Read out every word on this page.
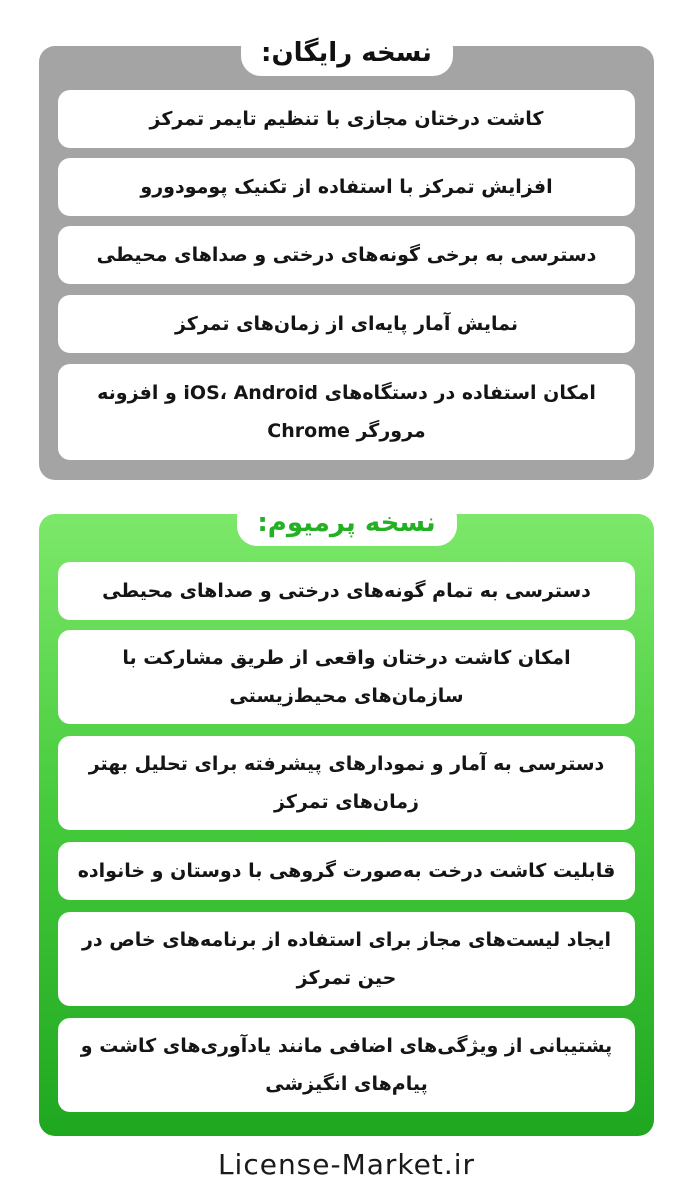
نسخه رایگان:
کاشت درختان مجازی با تنظیم تایمر تمرکز
افزایش تمرکز با استفاده از تکنیک پومودورو
دسترسی به برخی گونه‌های درختی و صداهای محیطی
نمایش آمار پایه‌ای از زمان‌های تمرکز
امکان استفاده در دستگاه‌های iOS، Android و افزونه مرورگر Chrome
نسخه پرمیوم:
دسترسی به تمام گونه‌های درختی و صداهای محیطی
امکان کاشت درختان واقعی از طریق مشارکت با سازمان‌های محیط‌زیستی
دسترسی به آمار و نمودارهای پیشرفته برای تحلیل بهتر زمان‌های تمرکز
قابلیت کاشت درخت به‌صورت گروهی با دوستان و خانواده
ایجاد لیست‌های مجاز برای استفاده از برنامه‌های خاص در حین تمرکز
پشتیبانی از ویژگی‌های اضافی مانند یادآوری‌های کاشت و پیام‌های انگیزشی
License-Market.ir
